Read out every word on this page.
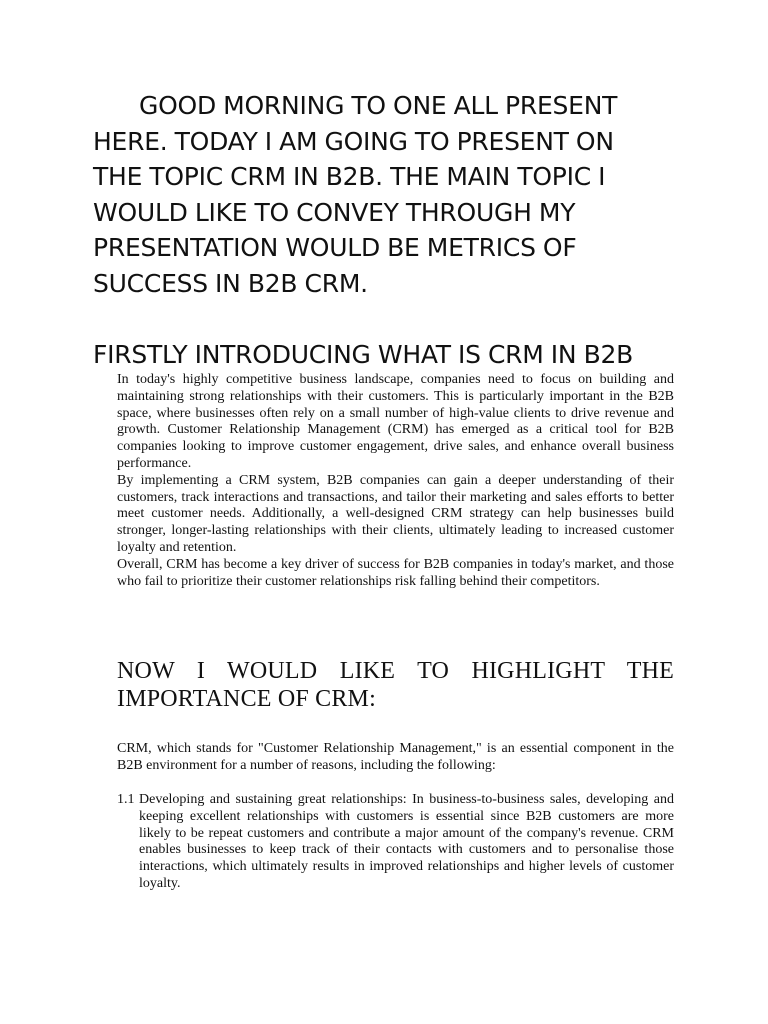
GOOD MORNING TO ONE ALL PRESENT HERE. TODAY I AM GOING TO PRESENT ON THE TOPIC CRM IN B2B. THE MAIN TOPIC I WOULD LIKE TO CONVEY THROUGH MY PRESENTATION WOULD BE METRICS OF SUCCESS IN B2B CRM.

FIRSTLY INTRODUCING WHAT IS CRM IN B2B

In today's highly competitive business landscape, companies need to focus on building and maintaining strong relationships with their customers. This is particularly important in the B2B space, where businesses often rely on a small number of high-value clients to drive revenue and growth. Customer Relationship Management (CRM) has emerged as a critical tool for B2B companies looking to improve customer engagement, drive sales, and enhance overall business performance.

By implementing a CRM system, B2B companies can gain a deeper understanding of their customers, track interactions and transactions, and tailor their marketing and sales efforts to better meet customer needs. Additionally, a well-designed CRM strategy can help businesses build stronger, longer-lasting relationships with their clients, ultimately leading to increased customer loyalty and retention.

Overall, CRM has become a key driver of success for B2B companies in today's market, and those who fail to prioritize their customer relationships risk falling behind their competitors.

NOW I WOULD LIKE TO HIGHLIGHT THE IMPORTANCE OF CRM:

CRM, which stands for "Customer Relationship Management," is an essential component in the B2B environment for a number of reasons, including the following:

1.1 Developing and sustaining great relationships: In business-to-business sales, developing and keeping excellent relationships with customers is essential since B2B customers are more likely to be repeat customers and contribute a major amount of the company's revenue. CRM enables businesses to keep track of their contacts with customers and to personalise those interactions, which ultimately results in improved relationships and higher levels of customer loyalty.
